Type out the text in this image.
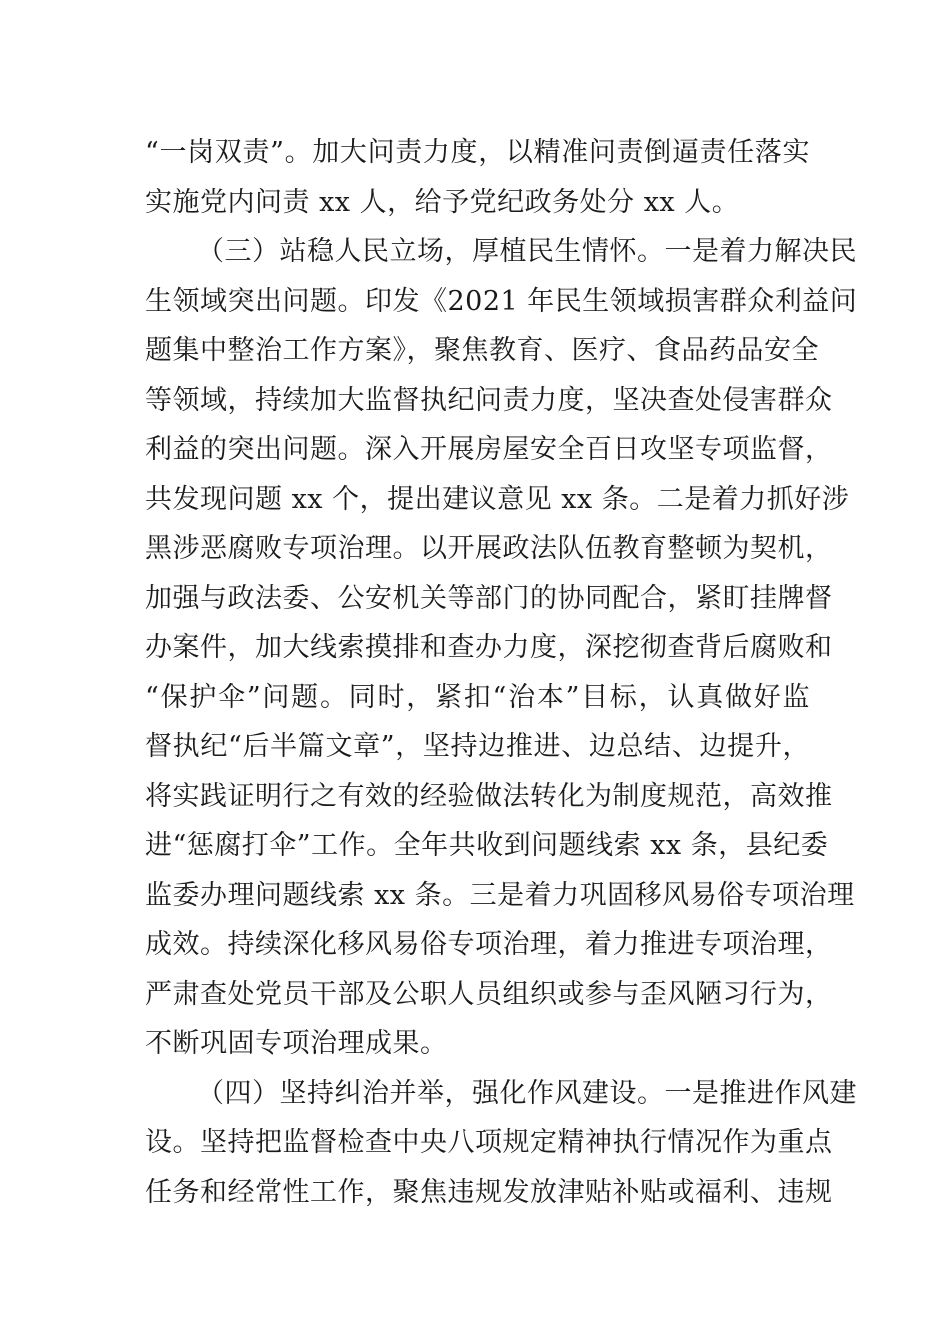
“一岗双责”。加大问责力度，以精准问责倒逼责任落实
实施党内问责 xx 人，给予党纪政务处分 xx 人。
（三）站稳人民立场，厚植民生情怀。一是着力解决民
生领域突出问题。印发《2021 年民生领域损害群众利益问
题集中整治工作方案》，聚焦教育、医疗、食品药品安全
等领域，持续加大监督执纪问责力度，坚决查处侵害群众
利益的突出问题。深入开展房屋安全百日攻坚专项监督，
共发现问题 xx 个，提出建议意见 xx 条。二是着力抓好涉
黑涉恶腐败专项治理。以开展政法队伍教育整顿为契机，
加强与政法委、公安机关等部门的协同配合，紧盯挂牌督
办案件，加大线索摸排和查办力度，深挖彻查背后腐败和
“保护伞”问题。同时，紧扣“治本”目标，认真做好监
督执纪“后半篇文章”，坚持边推进、边总结、边提升，
将实践证明行之有效的经验做法转化为制度规范，高效推
进“惩腐打伞”工作。全年共收到问题线索 xx 条，县纪委
监委办理问题线索 xx 条。三是着力巩固移风易俗专项治理
成效。持续深化移风易俗专项治理，着力推进专项治理，
严肃查处党员干部及公职人员组织或参与歪风陋习行为，
不断巩固专项治理成果。
（四）坚持纠治并举，强化作风建设。一是推进作风建
设。坚持把监督检查中央八项规定精神执行情况作为重点
任务和经常性工作，聚焦违规发放津贴补贴或福利、违规
